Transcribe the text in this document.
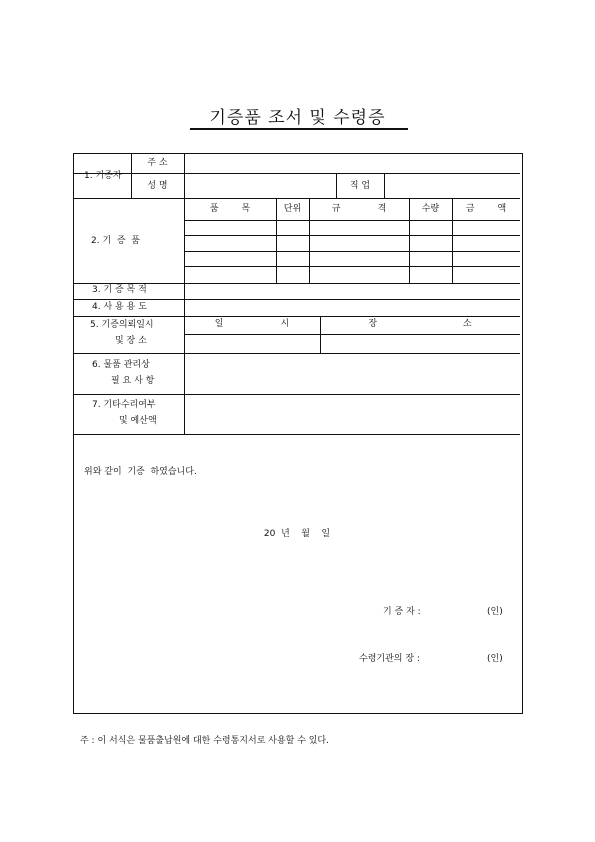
기증품 조서 및 수령증
1. 기증자
주 소
성 명	직 업
2. 기  증  품
품        목	단위	규             격	수량	금        액
3. 기 증 목 적
4. 사 용 용 도
5. 기증의뢰일시
및 장 소
일                    시	장                              소
6. 물품 관리상
필 요 사 항
7. 기타수리여부
및 예산액
위와 같이  기증  하였습니다.
20  년    월    일
기 증 자 :	(인)
수령기관의 장 :	(인)
주 : 이 서식은 물품출납원에 대한 수령통지서로 사용할 수 있다.
